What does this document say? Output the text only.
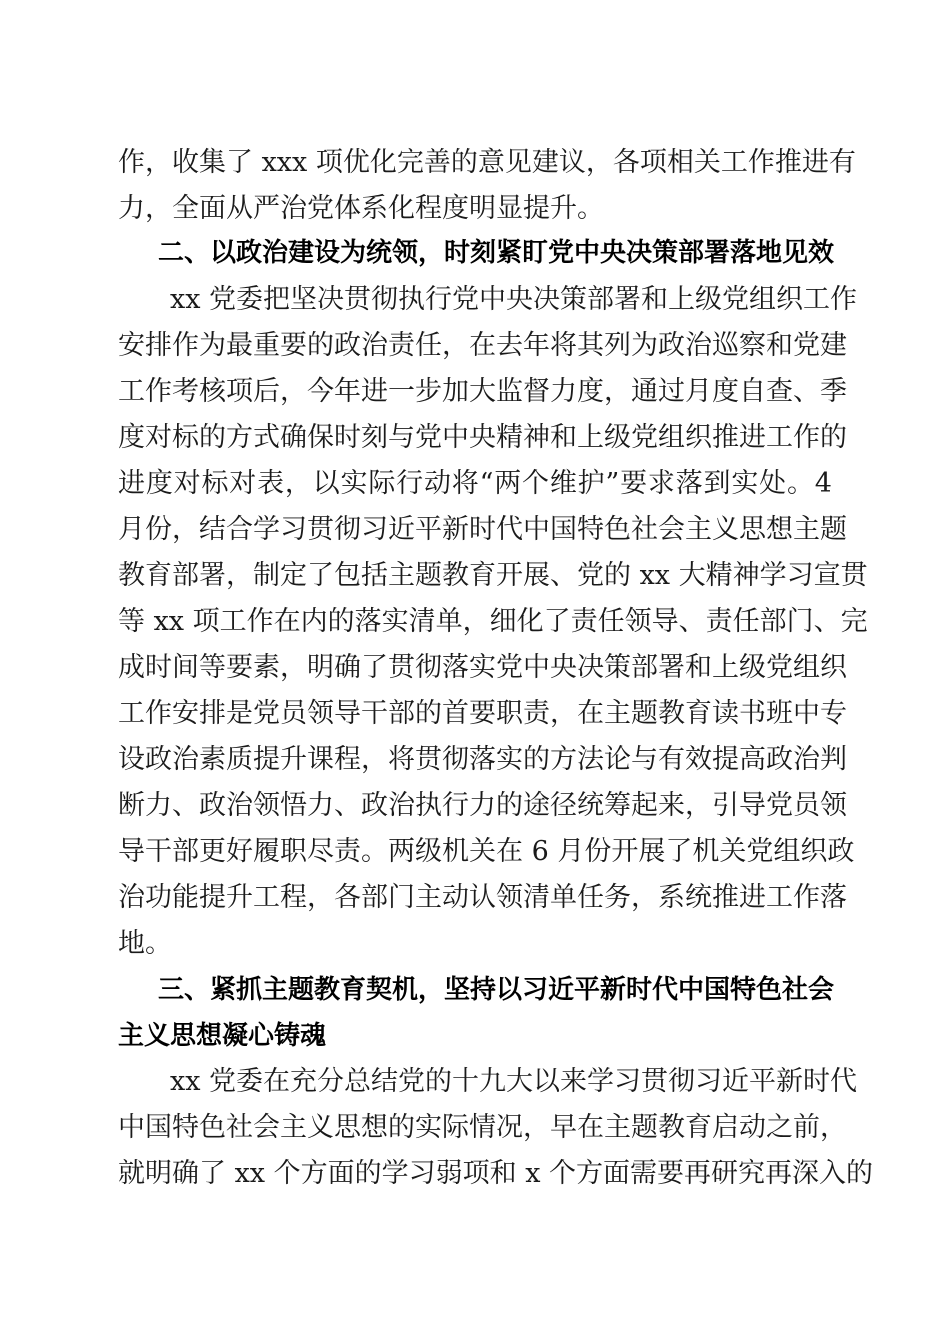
作，收集了 xxx 项优化完善的意见建议，各项相关工作推进有
力，全面从严治党体系化程度明显提升。
二、以政治建设为统领，时刻紧盯党中央决策部署落地见效
xx 党委把坚决贯彻执行党中央决策部署和上级党组织工作
安排作为最重要的政治责任，在去年将其列为政治巡察和党建
工作考核项后，今年进一步加大监督力度，通过月度自查、季
度对标的方式确保时刻与党中央精神和上级党组织推进工作的
进度对标对表，以实际行动将“两个维护”要求落到实处。4
月份，结合学习贯彻习近平新时代中国特色社会主义思想主题
教育部署，制定了包括主题教育开展、党的 xx 大精神学习宣贯
等 xx 项工作在内的落实清单，细化了责任领导、责任部门、完
成时间等要素，明确了贯彻落实党中央决策部署和上级党组织
工作安排是党员领导干部的首要职责，在主题教育读书班中专
设政治素质提升课程，将贯彻落实的方法论与有效提高政治判
断力、政治领悟力、政治执行力的途径统筹起来，引导党员领
导干部更好履职尽责。两级机关在 6 月份开展了机关党组织政
治功能提升工程，各部门主动认领清单任务，系统推进工作落
地。
三、紧抓主题教育契机，坚持以习近平新时代中国特色社会
主义思想凝心铸魂
xx 党委在充分总结党的十九大以来学习贯彻习近平新时代
中国特色社会主义思想的实际情况，早在主题教育启动之前，
就明确了 xx 个方面的学习弱项和 x 个方面需要再研究再深入的
